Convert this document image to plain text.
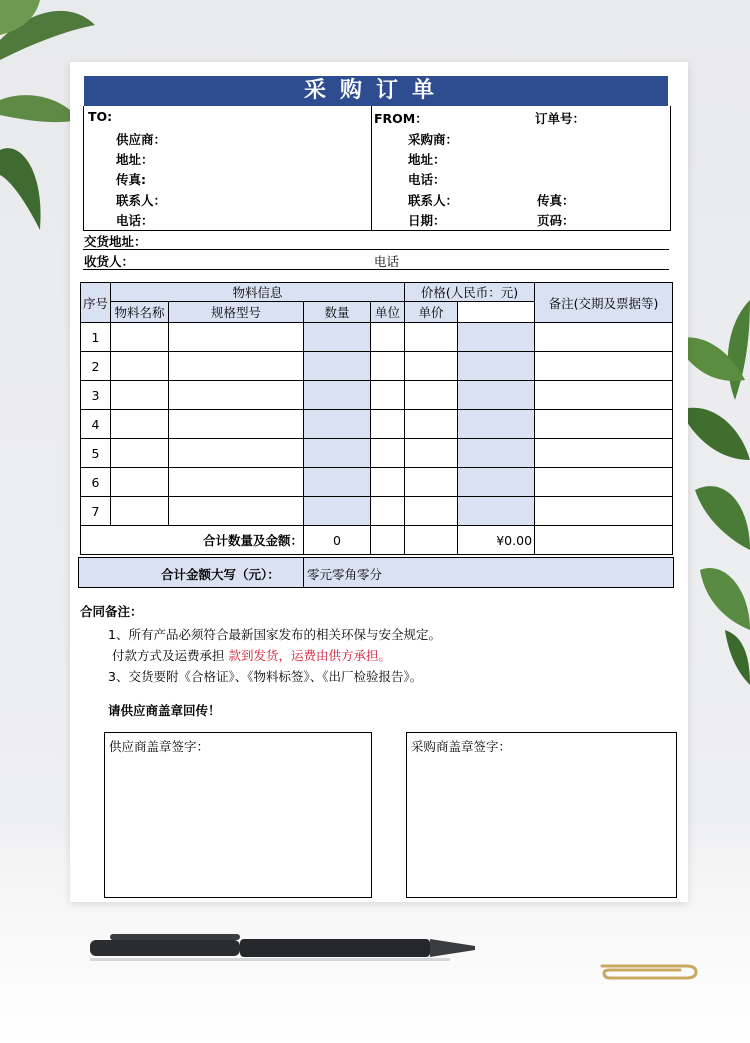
采购订单
TO:	FROM：	订单号：
供应商：
地址：
传真:
联系人：
电话：
采购商：
地址：
电话：
联系人：
日期：
传真：
页码：
交货地址：
收货人：	电话
序号	物料信息				价格(人民币：元)		备注(交期及票据等)
	物料名称	规格型号	数量	单位	单价		
1							
2							
3							
4							
5							
6							
7							
合计数量及金额：			0			¥0.00	
合计金额大写（元）： 零元零角零分
合同备注：
1、所有产品必须符合最新国家发布的相关环保与安全规定。
付款方式及运费承担 款到发货，运费由供方承担。
3、交货要附《合格证》、《物料标签》、《出厂检验报告》。
请供应商盖章回传！
供应商盖章签字：	采购商盖章签字：
